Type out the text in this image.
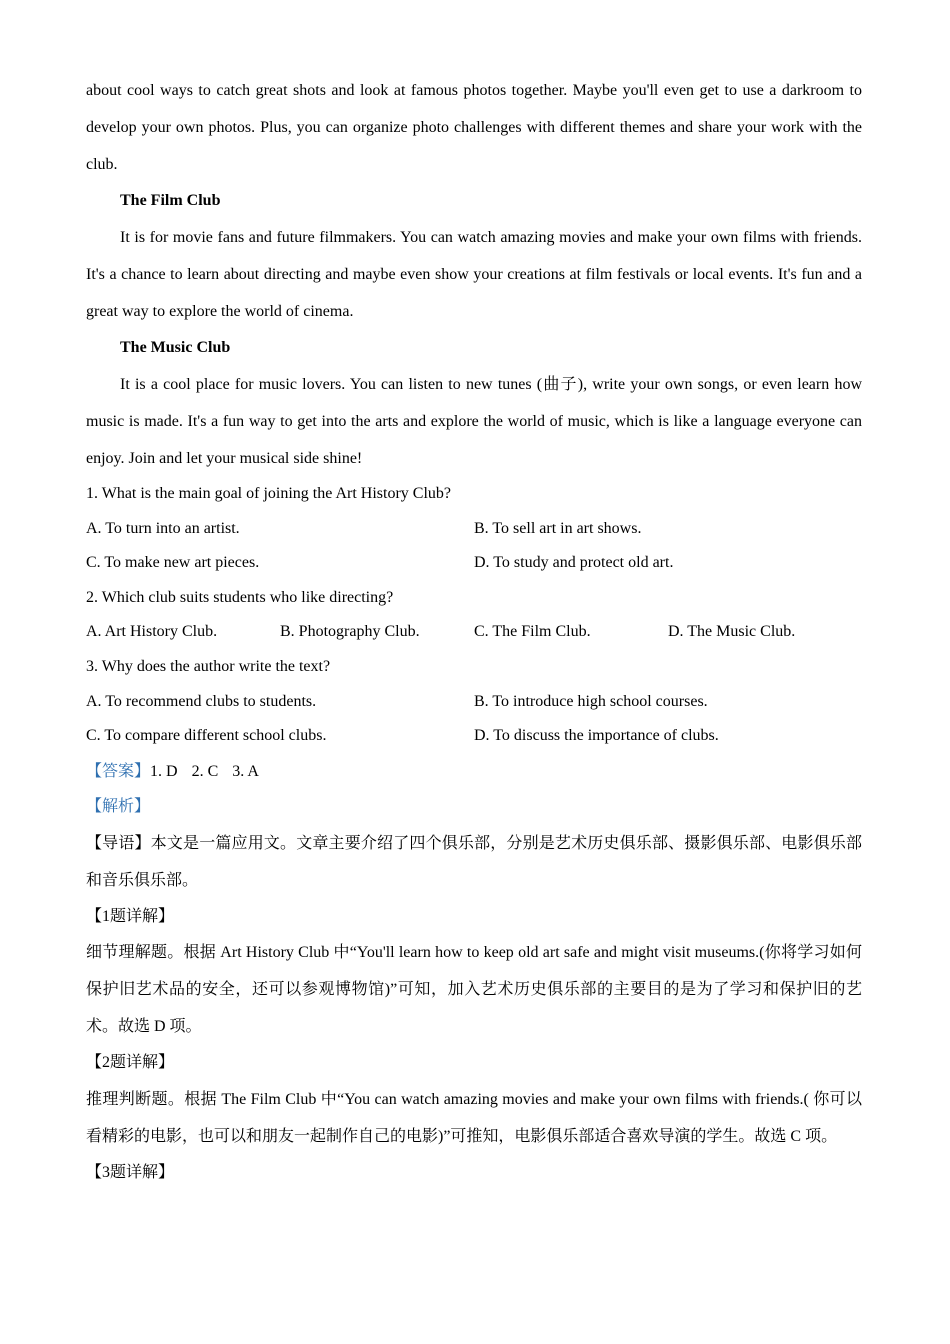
about cool ways to catch great shots and look at famous photos together. Maybe you'll even get to use a darkroom to develop your own photos. Plus, you can organize photo challenges with different themes and share your work with the club.

The Film Club

It is for movie fans and future filmmakers. You can watch amazing movies and make your own films with friends. It's a chance to learn about directing and maybe even show your creations at film festivals or local events. It's fun and a great way to explore the world of cinema.

The Music Club

It is a cool place for music lovers. You can listen to new tunes (曲子), write your own songs, or even learn how music is made. It's a fun way to get into the arts and explore the world of music, which is like a language everyone can enjoy. Join and let your musical side shine!

1. What is the main goal of joining the Art History Club?

A. To turn into an artist.	B. To sell art in art shows.
C. To make new art pieces.	D. To study and protect old art.

2. Which club suits students who like directing?

A. Art History Club.	B. Photography Club.	C. The Film Club.	D. The Music Club.

3. Why does the author write the text?

A. To recommend clubs to students.	B. To introduce high school courses.
C. To compare different school clubs.	D. To discuss the importance of clubs.

【答案】1. D 2. C 3. A

【解析】

【导语】本文是一篇应用文。文章主要介绍了四个俱乐部，分别是艺术历史俱乐部、摄影俱乐部、电影俱乐部和音乐俱乐部。

【1题详解】

细节理解题。根据 Art History Club 中“You'll learn how to keep old art safe and might visit museums.(你将学习如何保护旧艺术品的安全，还可以参观博物馆)”可知，加入艺术历史俱乐部的主要目的是为了学习和保护旧的艺术。故选 D 项。

【2题详解】

推理判断题。根据 The Film Club 中“You can watch amazing movies and make your own films with friends.( 你可以看精彩的电影，也可以和朋友一起制作自己的电影)”可推知，电影俱乐部适合喜欢导演的学生。故选 C 项。

【3题详解】
